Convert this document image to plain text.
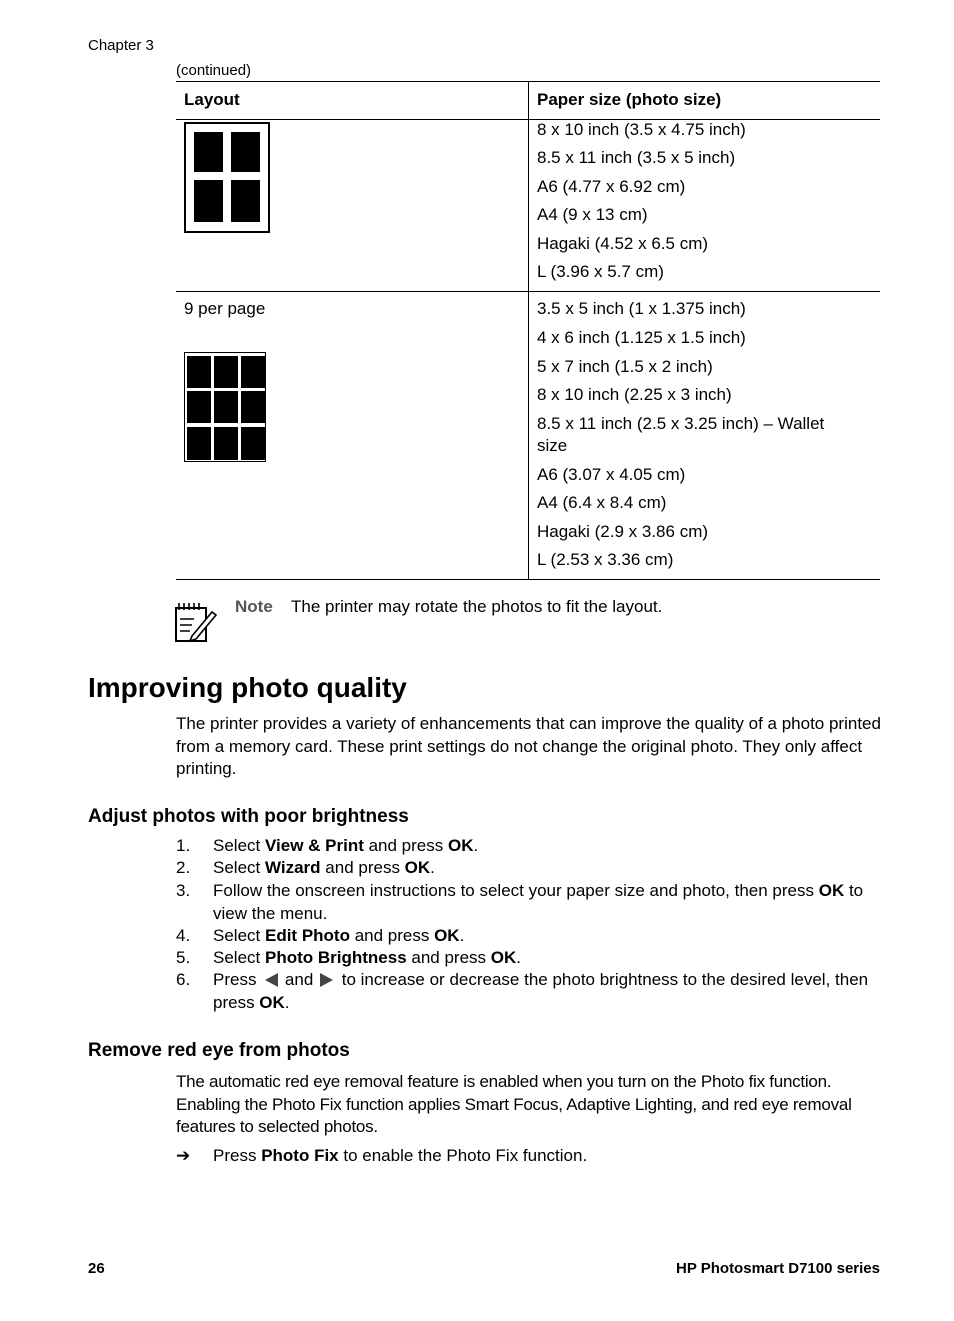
Chapter 3
(continued)
Layout	Paper size (photo size)
8 x 10 inch (3.5 x 4.75 inch)
8.5 x 11 inch (3.5 x 5 inch)
A6 (4.77 x 6.92 cm)
A4 (9 x 13 cm)
Hagaki (4.52 x 6.5 cm)
L (3.96 x 5.7 cm)
9 per page	3.5 x 5 inch (1 x 1.375 inch)
4 x 6 inch (1.125 x 1.5 inch)
5 x 7 inch (1.5 x 2 inch)
8 x 10 inch (2.25 x 3 inch)
8.5 x 11 inch (2.5 x 3.25 inch) – Wallet size
A6 (3.07 x 4.05 cm)
A4 (6.4 x 8.4 cm)
Hagaki (2.9 x 3.86 cm)
L (2.53 x 3.36 cm)
Note The printer may rotate the photos to fit the layout.
Improving photo quality

The printer provides a variety of enhancements that can improve the quality of a photo printed from a memory card. These print settings do not change the original photo. They only affect printing.

Adjust photos with poor brightness
1. Select View & Print and press OK.
2. Select Wizard and press OK.
3. Follow the onscreen instructions to select your paper size and photo, then press OK to view the menu.
4. Select Edit Photo and press OK.
5. Select Photo Brightness and press OK.
6. Press  and  to increase or decrease the photo brightness to the desired level, then press OK.
Remove red eye from photos

The automatic red eye removal feature is enabled when you turn on the Photo fix function. Enabling the Photo Fix function applies Smart Focus, Adaptive Lighting, and red eye removal features to selected photos.

➔ Press Photo Fix to enable the Photo Fix function.
26	HP Photosmart D7100 series
